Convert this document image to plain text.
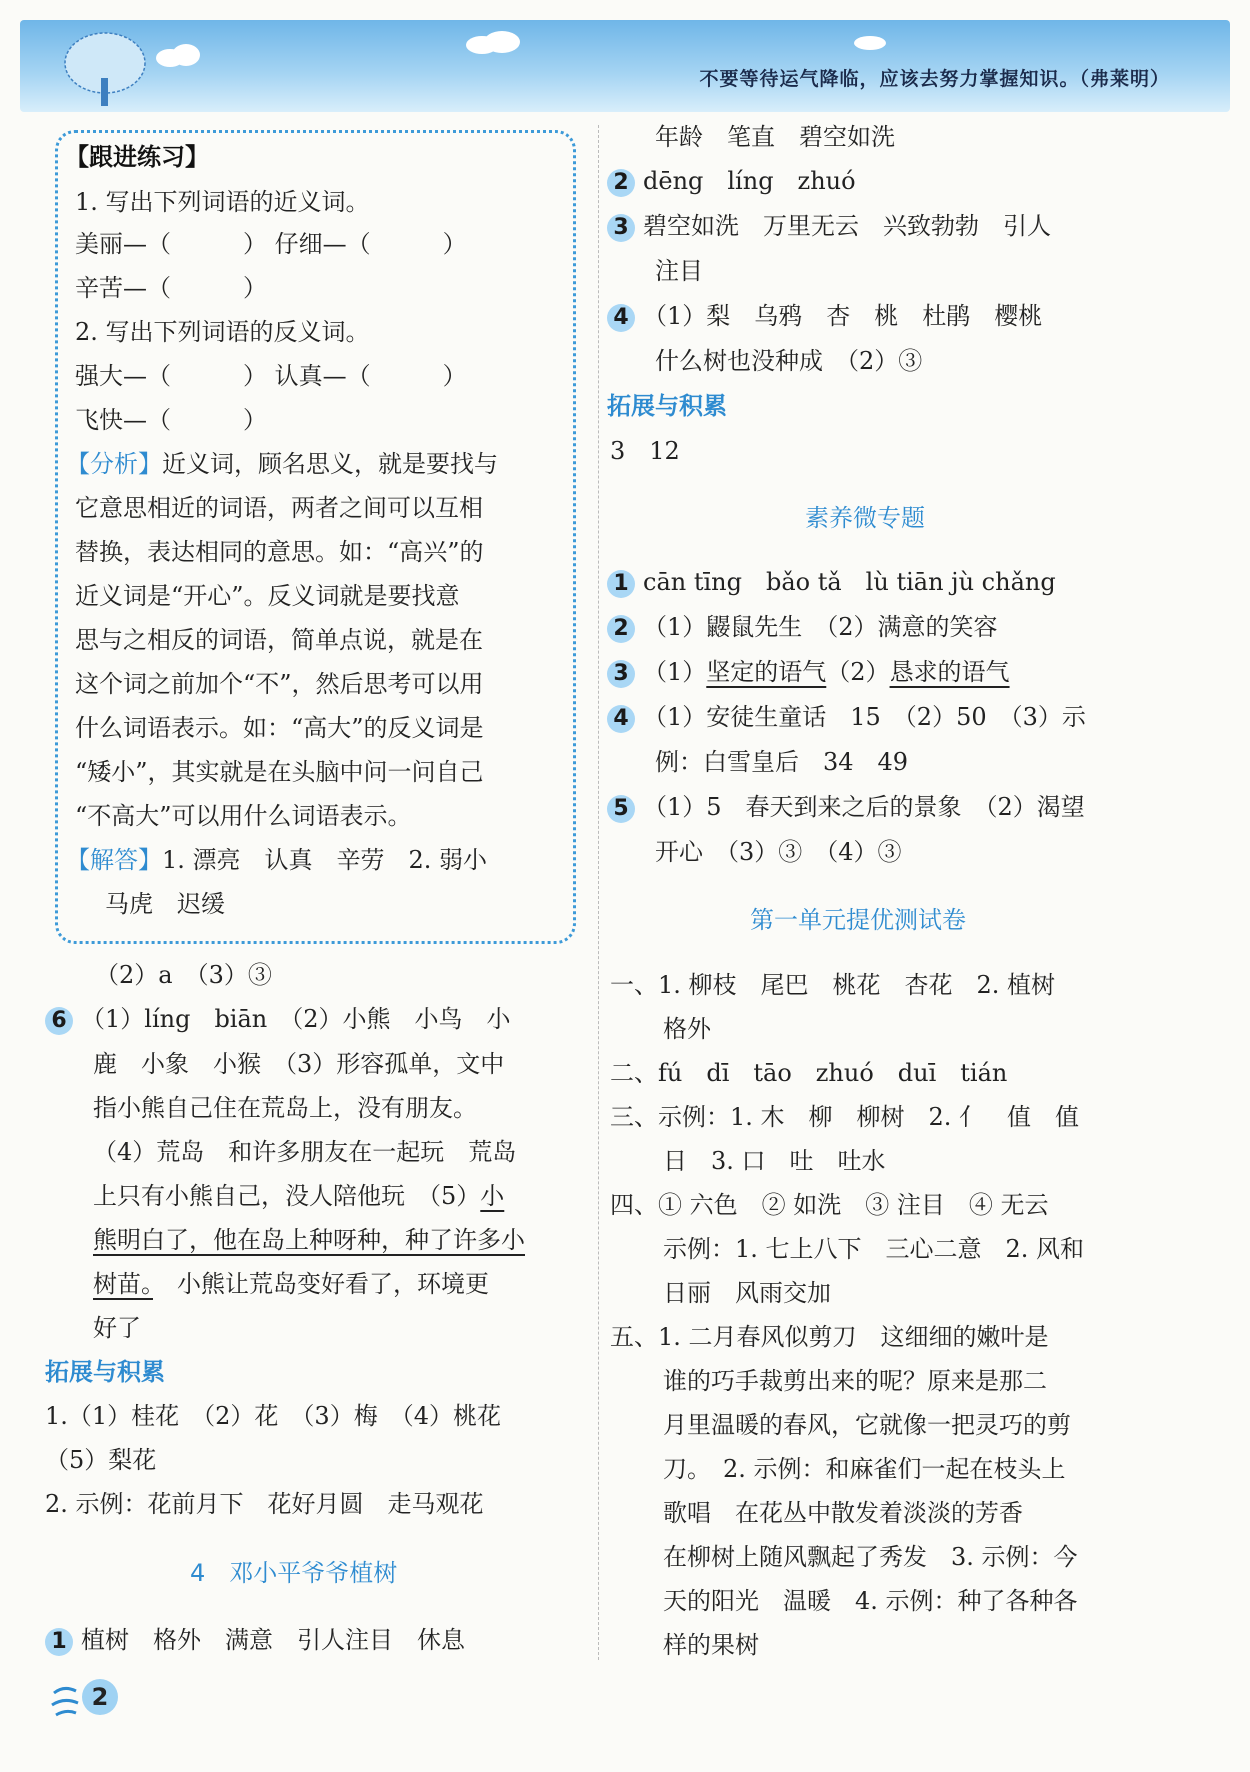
不要等待运气降临，应该去努力掌握知识。（弗莱明）
【跟进练习】
1. 写出下列词语的近义词。
美丽—（　　　） 仔细—（　　　）
辛苦—（　　　）
2. 写出下列词语的反义词。
强大—（　　　） 认真—（　　　）
飞快—（　　　）
【分析】近义词，顾名思义，就是要找与
它意思相近的词语，两者之间可以互相
替换，表达相同的意思。如：“高兴”的
近义词是“开心”。反义词就是要找意
思与之相反的词语，简单点说，就是在
这个词之前加个“不”，然后思考可以用
什么词语表示。如：“高大”的反义词是
“矮小”，其实就是在头脑中问一问自己
“不高大”可以用什么词语表示。
【解答】1. 漂亮　认真　辛劳　2. 弱小
马虎　迟缓
（2）a　（3）③
6 （1）líng　biān　（2）小熊　小鸟　小
鹿　小象　小猴　（3）形容孤单，文中
指小熊自己住在荒岛上，没有朋友。
（4）荒岛　和许多朋友在一起玩　荒岛
上只有小熊自己，没人陪他玩　（5）小
熊明白了，他在岛上种呀种，种了许多小
树苗。　小熊让荒岛变好看了，环境更
好了
拓展与积累
1.（1）桂花　（2）花　（3）梅　（4）桃花
（5）梨花
2. 示例：花前月下　花好月圆　走马观花
4　邓小平爷爷植树
1 植树　格外　满意　引人注目　休息
年龄　笔直　碧空如洗
2 dēng　líng　zhuó
3 碧空如洗　万里无云　兴致勃勃　引人
注目
4 （1）梨　乌鸦　杏　桃　杜鹃　樱桃
什么树也没种成　（2）③
拓展与积累
3　12
素养微专题
1 cān tīng　bǎo tǎ　lù tiān jù chǎng
2 （1）鼹鼠先生　（2）满意的笑容
3 （1）坚定的语气（2）恳求的语气
4 （1）安徒生童话　15　（2）50　（3）示
例：白雪皇后　34　49
5 （1）5　春天到来之后的景象　（2）渴望
开心　（3）③　（4）③
第一单元提优测试卷
一、1. 柳枝　尾巴　桃花　杏花　2. 植树
格外
二、fú　dī　tāo　zhuó　duī　tián
三、示例：1. 木　柳　柳树　2. 亻　值　值
日　3. 口　吐　吐水
四、① 六色　② 如洗　③ 注目　④ 无云
示例：1. 七上八下　三心二意　2. 风和
日丽　风雨交加
五、1. 二月春风似剪刀　这细细的嫩叶是
谁的巧手裁剪出来的呢？原来是那二
月里温暖的春风，它就像一把灵巧的剪
刀。　2. 示例：和麻雀们一起在枝头上
歌唱　在花丛中散发着淡淡的芳香
在柳树上随风飘起了秀发　3. 示例：今
天的阳光　温暖　4. 示例：种了各种各
样的果树
2
